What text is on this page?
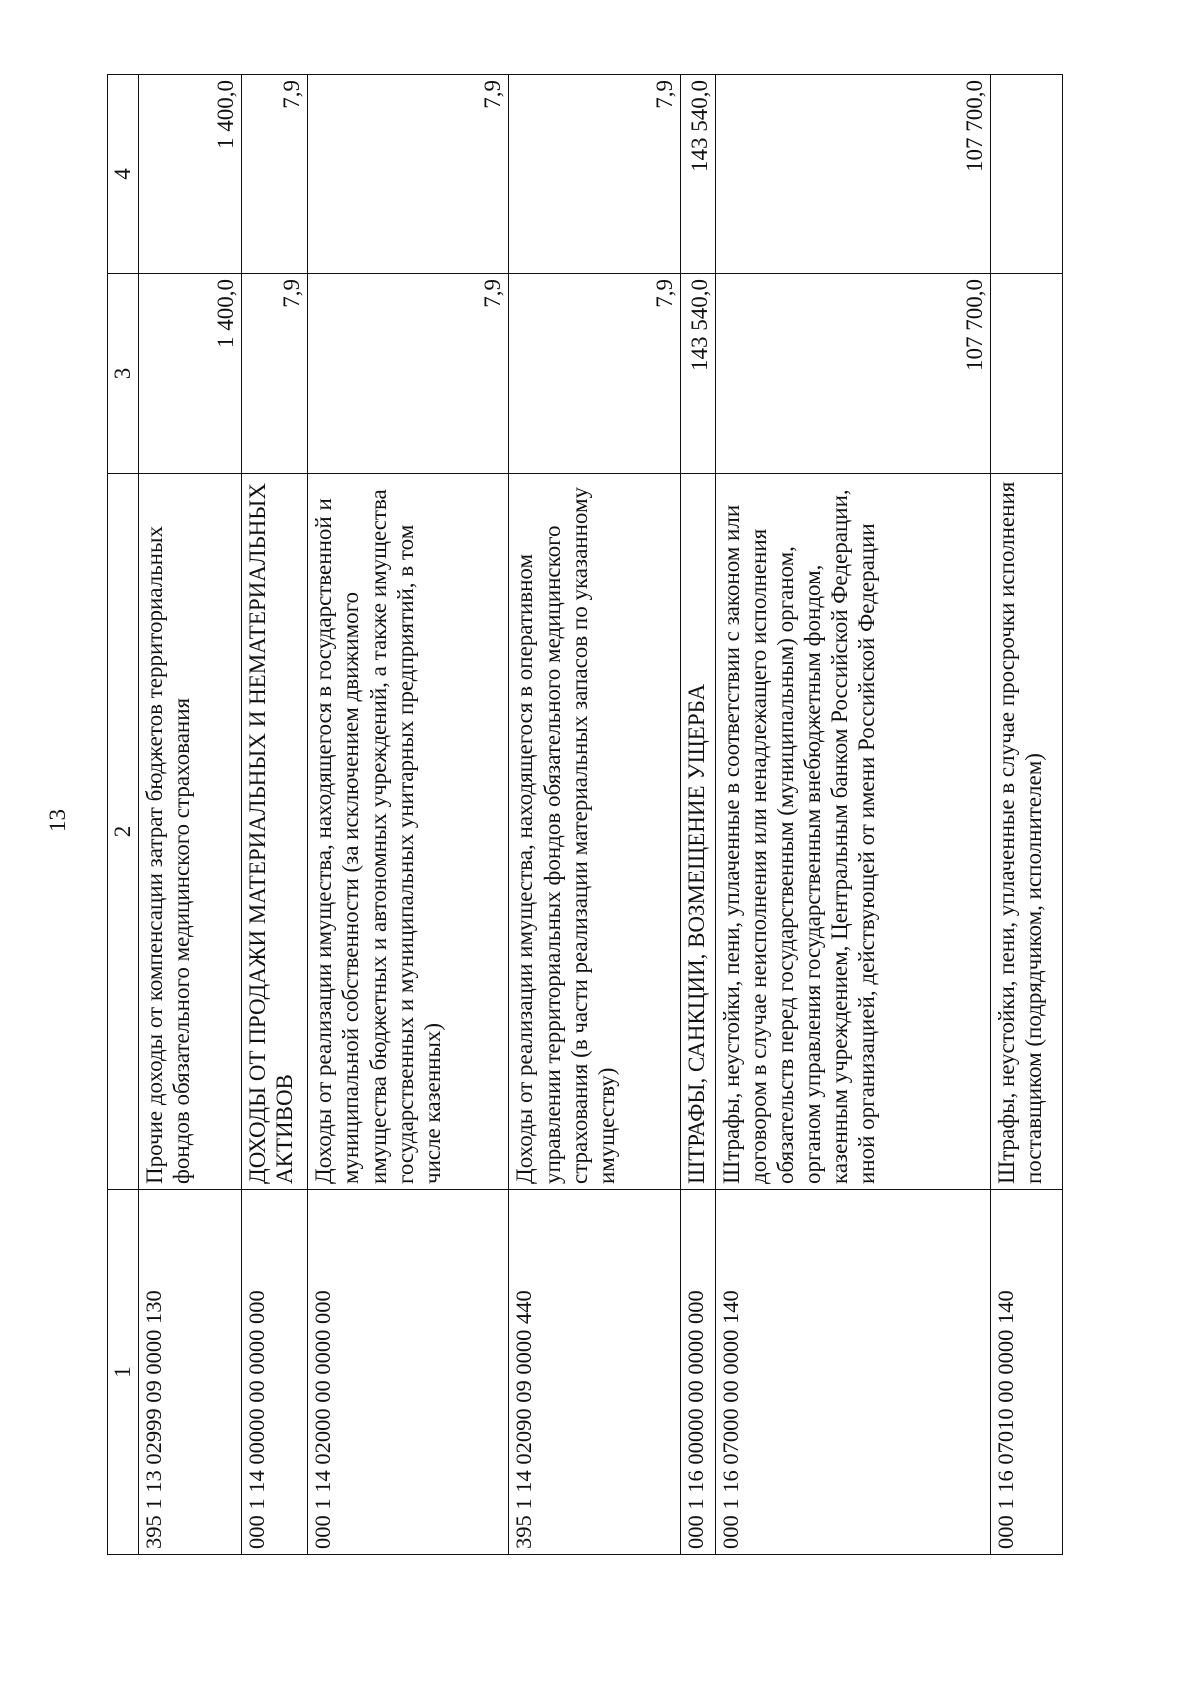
13
1	2	3	4
395 1 13 02999 09 0000 130	Прочие доходы от компенсации затрат бюджетов территориальных фондов обязательного медицинского страхования	1 400,0	1 400,0
000 1 14 00000 00 0000 000	ДОХОДЫ ОТ ПРОДАЖИ МАТЕРИАЛЬНЫХ И НЕМАТЕРИАЛЬНЫХ АКТИВОВ	7,9	7,9
000 1 14 02000 00 0000 000	Доходы от реализации имущества, находящегося в государственной и муниципальной собственности (за исключением движимого имущества бюджетных и автономных учреждений, а также имущества государственных и муниципальных унитарных предприятий, в том числе казенных)	7,9	7,9
395 1 14 02090 09 0000 440	Доходы от реализации имущества, находящегося в оперативном управлении территориальных фондов обязательного медицинского страхования (в части реализации материальных запасов по указанному имуществу)	7,9	7,9
000 1 16 00000 00 0000 000	ШТРАФЫ, САНКЦИИ, ВОЗМЕЩЕНИЕ УЩЕРБА	143 540,0	143 540,0
000 1 16 07000 00 0000 140	Штрафы, неустойки, пени, уплаченные в соответствии с законом или договором в случае неисполнения или ненадлежащего исполнения обязательств перед государственным (муниципальным) органом, органом управления государственным внебюджетным фондом, казенным учреждением, Центральным банком Российской Федерации, иной организацией, действующей от имени Российской Федерации	107 700,0	107 700,0
000 1 16 07010 00 0000 140	Штрафы, неустойки, пени, уплаченные в случае просрочки исполнения поставщиком (подрядчиком, исполнителем)		
